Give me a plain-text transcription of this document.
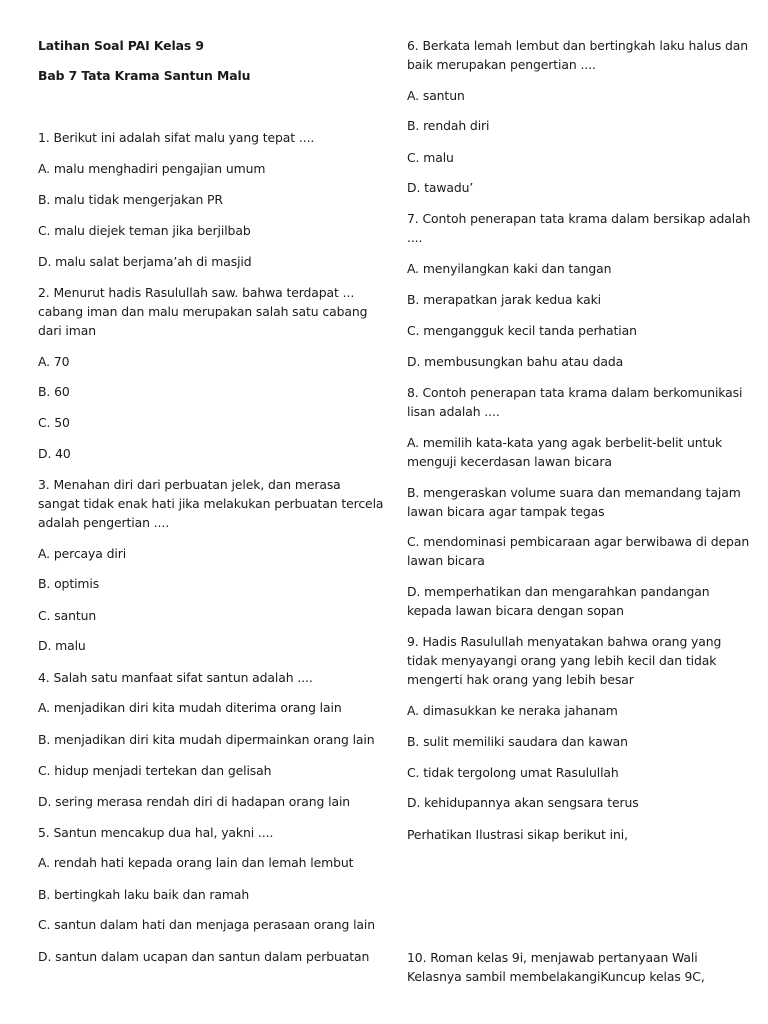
Latihan Soal PAI Kelas 9
Bab 7 Tata Krama Santun Malu
1. Berikut ini adalah sifat malu yang tepat ....
A. malu menghadiri pengajian umum
B. malu tidak mengerjakan PR
C. malu diejek teman jika berjilbab
D. malu salat berjama’ah di masjid
2. Menurut hadis Rasulullah saw. bahwa terdapat ...
cabang iman dan malu merupakan salah satu cabang
dari iman
A. 70
B. 60
C. 50
D. 40
3. Menahan diri dari perbuatan jelek, dan merasa
sangat tidak enak hati jika melakukan perbuatan tercela
adalah pengertian ....
A. percaya diri
B. optimis
C. santun
D. malu
4. Salah satu manfaat sifat santun adalah ....
A. menjadikan diri kita mudah diterima orang lain
B. menjadikan diri kita mudah dipermainkan orang lain
C. hidup menjadi tertekan dan gelisah
D. sering merasa rendah diri di hadapan orang lain
5. Santun mencakup dua hal, yakni ....
A. rendah hati kepada orang lain dan lemah lembut
B. bertingkah laku baik dan ramah
C. santun dalam hati dan menjaga perasaan orang lain
D. santun dalam ucapan dan santun dalam perbuatan
6. Berkata lemah lembut dan bertingkah laku halus dan
baik merupakan pengertian ....
A. santun
B. rendah diri
C. malu
D. tawadu’
7. Contoh penerapan tata krama dalam bersikap adalah
....
A. menyilangkan kaki dan tangan
B. merapatkan jarak kedua kaki
C. mengangguk kecil tanda perhatian
D. membusungkan bahu atau dada
8. Contoh penerapan tata krama dalam berkomunikasi
lisan adalah ....
A. memilih kata-kata yang agak berbelit-belit untuk
menguji kecerdasan lawan bicara
B. mengeraskan volume suara dan memandang tajam
lawan bicara agar tampak tegas
C. mendominasi pembicaraan agar berwibawa di depan
lawan bicara
D. memperhatikan dan mengarahkan pandangan
kepada lawan bicara dengan sopan
9. Hadis Rasulullah menyatakan bahwa orang yang
tidak menyayangi orang yang lebih kecil dan tidak
mengerti hak orang yang lebih besar
A. dimasukkan ke neraka jahanam
B. sulit memiliki saudara dan kawan
C. tidak tergolong umat Rasulullah
D. kehidupannya akan sengsara terus
Perhatikan Ilustrasi sikap berikut ini,
10. Roman kelas 9i, menjawab pertanyaan Wali
Kelasnya sambil membelakangiKuncup kelas 9C,
